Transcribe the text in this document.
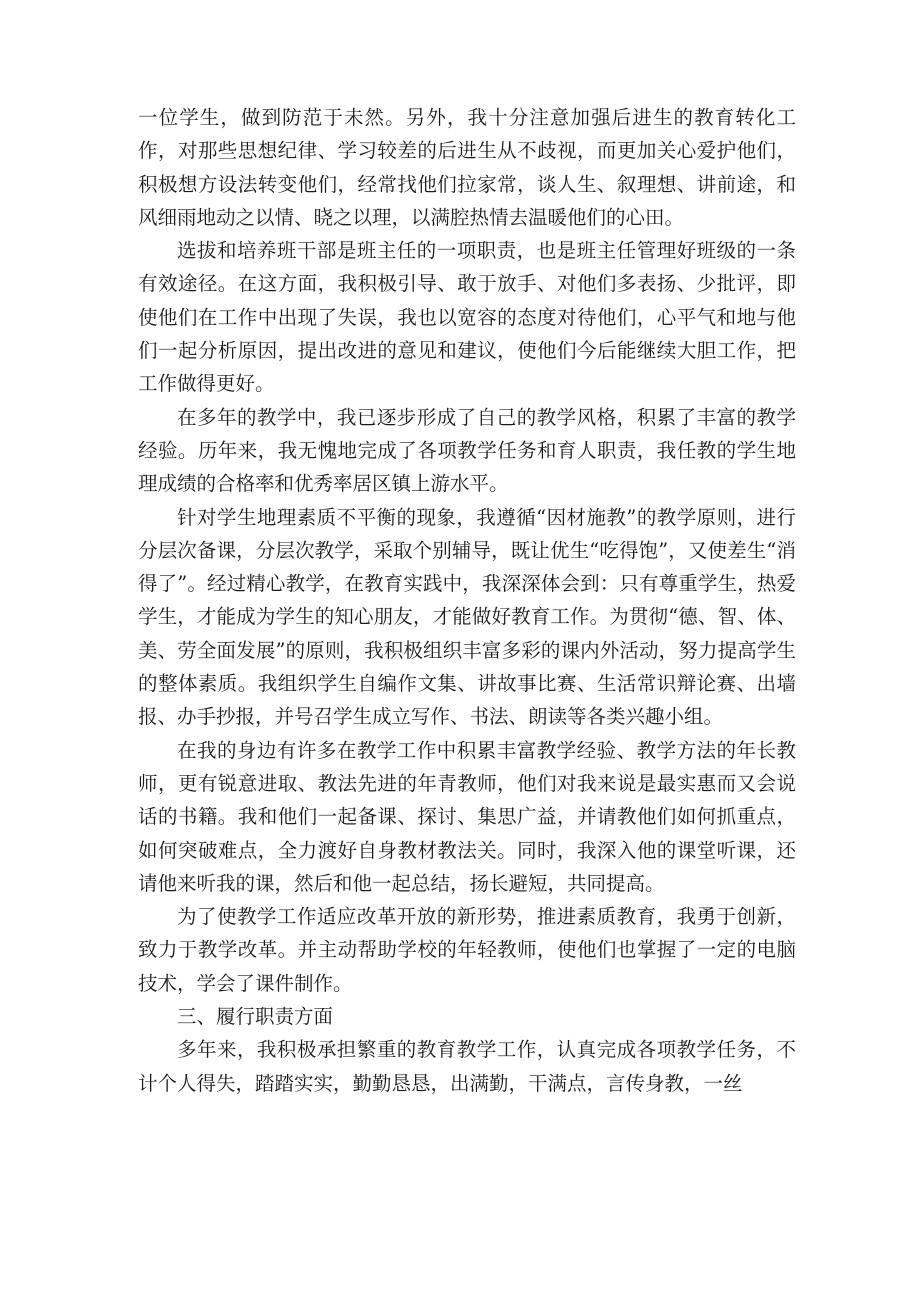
一位学生，做到防范于未然。另外，我十分注意加强后进生的教育转化工作，对那些思想纪律、学习较差的后进生从不歧视，而更加关心爱护他们，积极想方设法转变他们，经常找他们拉家常，谈人生、叙理想、讲前途，和风细雨地动之以情、晓之以理，以满腔热情去温暖他们的心田。

选拔和培养班干部是班主任的一项职责，也是班主任管理好班级的一条有效途径。在这方面，我积极引导、敢于放手、对他们多表扬、少批评，即使他们在工作中出现了失误，我也以宽容的态度对待他们，心平气和地与他们一起分析原因，提出改进的意见和建议，使他们今后能继续大胆工作，把工作做得更好。

在多年的教学中，我已逐步形成了自己的教学风格，积累了丰富的教学经验。历年来，我无愧地完成了各项教学任务和育人职责，我任教的学生地理成绩的合格率和优秀率居区镇上游水平。

针对学生地理素质不平衡的现象，我遵循“因材施教”的教学原则，进行分层次备课，分层次教学，采取个别辅导，既让优生“吃得饱”，又使差生“消得了”。经过精心教学，在教育实践中，我深深体会到：只有尊重学生，热爱学生，才能成为学生的知心朋友，才能做好教育工作。为贯彻“德、智、体、美、劳全面发展”的原则，我积极组织丰富多彩的课内外活动，努力提高学生的整体素质。我组织学生自编作文集、讲故事比赛、生活常识辩论赛、出墙报、办手抄报，并号召学生成立写作、书法、朗读等各类兴趣小组。

在我的身边有许多在教学工作中积累丰富教学经验、教学方法的年长教师，更有锐意进取、教法先进的年青教师，他们对我来说是最实惠而又会说话的书籍。我和他们一起备课、探讨、集思广益，并请教他们如何抓重点，如何突破难点，全力渡好自身教材教法关。同时，我深入他的课堂听课，还请他来听我的课，然后和他一起总结，扬长避短，共同提高。

为了使教学工作适应改革开放的新形势，推进素质教育，我勇于创新，致力于教学改革。并主动帮助学校的年轻教师，使他们也掌握了一定的电脑技术，学会了课件制作。

三、履行职责方面

多年来，我积极承担繁重的教育教学工作，认真完成各项教学任务，不计个人得失，踏踏实实，勤勤恳恳，出满勤，干满点，言传身教，一丝
